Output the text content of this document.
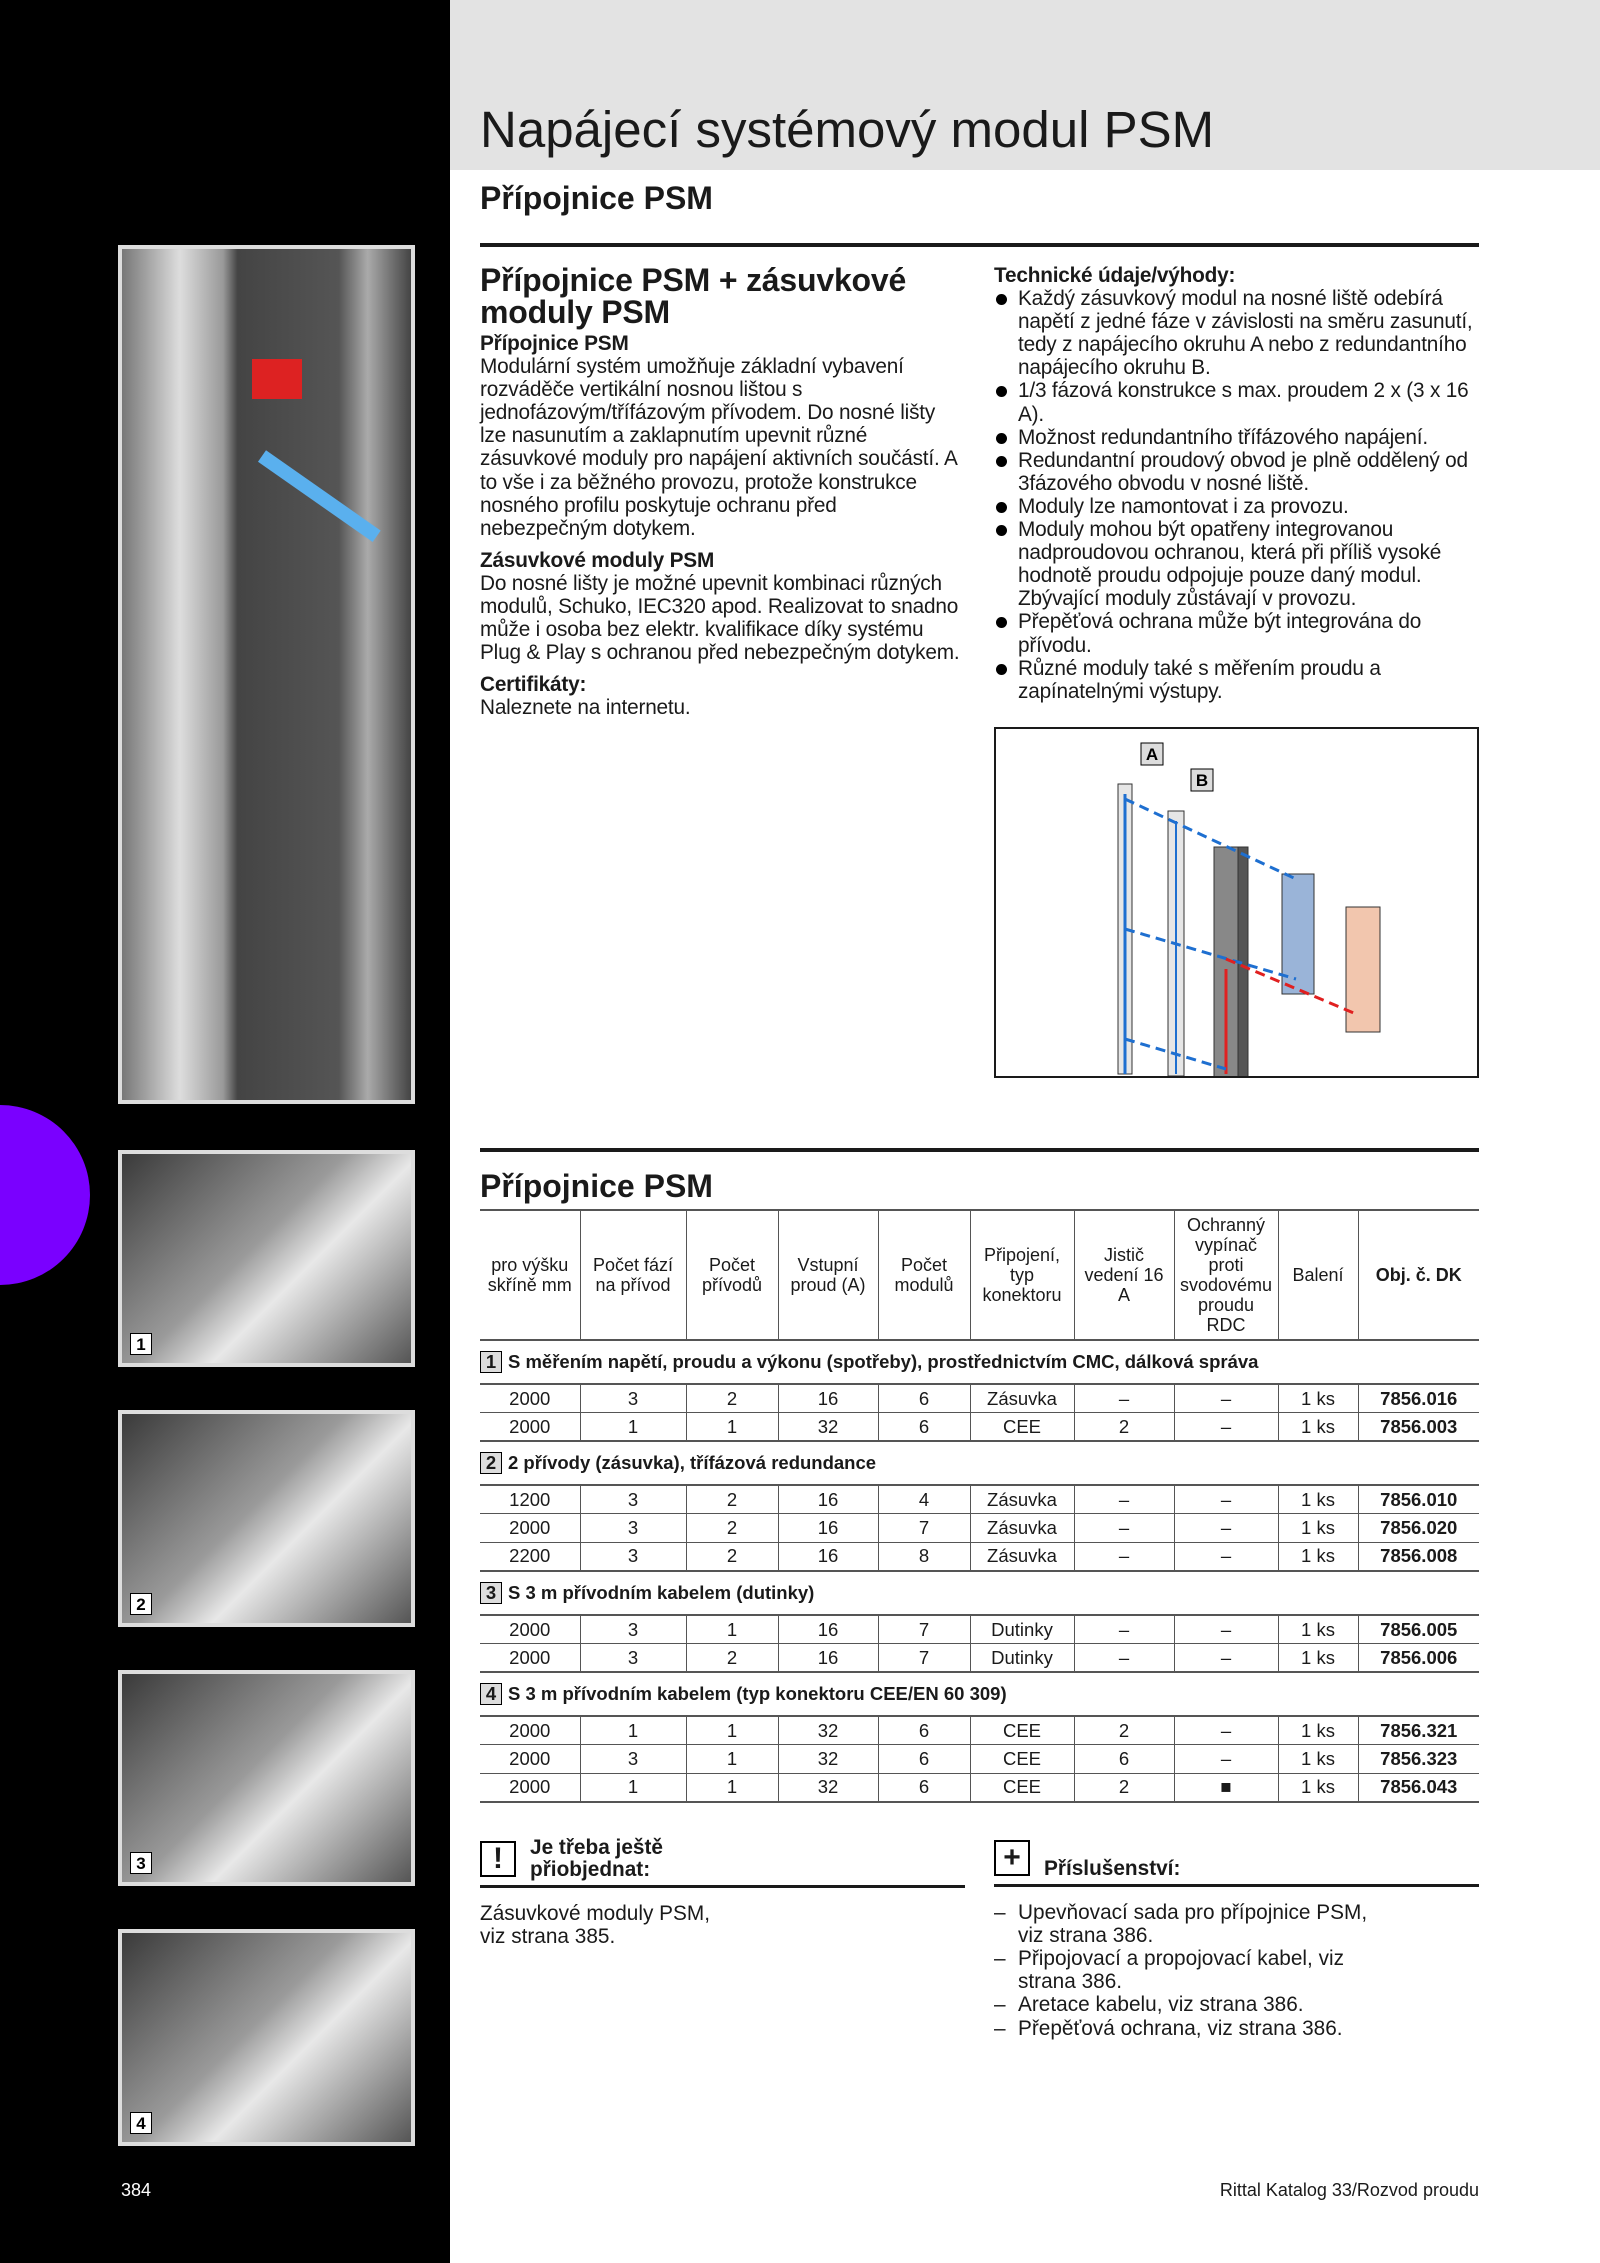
Napájecí systémový modul PSM
Přípojnice PSM
1
2
3
4
Přípojnice PSM + zásuvkové moduly PSM
Přípojnice PSM

Modulární systém umožňuje základní vybavení rozváděče vertikální nosnou lištou s jednofázovým/třífázovým přívodem. Do nosné lišty lze nasunutím a zaklapnutím upevnit různé zásuvkové moduly pro napájení aktivních součástí. A to vše i za běžného provozu, protože konstrukce nosného profilu poskytuje ochranu před nebezpečným dotykem.

Zásuvkové moduly PSM

Do nosné lišty je možné upevnit kombinaci různých modulů, Schuko, IEC320 apod. Realizovat to snadno může i osoba bez elektr. kvalifikace díky systému Plug & Play s ochranou před nebezpečným dotykem.

Certifikáty:

Naleznete na internetu.

Technické údaje/výhody:
Každý zásuvkový modul na nosné liště odebírá napětí z jedné fáze v závislosti na směru zasunutí, tedy z napájecího okruhu A nebo z redundantního napájecího okruhu B.
1/3 fázová konstrukce s max. proudem 2 x (3 x 16 A).
Možnost redundantního třífázového napájení.
Redundantní proudový obvod je plně oddělený od 3fázového obvodu v nosné liště.
Moduly lze namontovat i za provozu.
Moduly mohou být opatřeny integrovanou nadproudovou ochranou, která při příliš vysoké hodnotě proudu odpojuje pouze daný modul. Zbývající moduly zůstávají v provozu.
Přepěťová ochrana může být integrována do přívodu.
Různé moduly také s měřením proudu a zapínatelnými výstupy.
A
B
Přípojnice PSM
pro výšku skříně mm	Počet fází na přívod	Počet přívodů	Vstupní proud (A)	Počet modulů	Připojení, typ konektoru	Jistič vedení 16 A	Ochranný vypínač proti svodovému proudu RDC	Balení	Obj. č. DK
1 S měřením napětí, proudu a výkonu (spotřeby), prostřednictvím CMC, dálková správa									
2000	3	2	16	6	Zásuvka	–	–	1 ks	7856.016
2000	1	1	32	6	CEE	2	–	1 ks	7856.003
2 2 přívody (zásuvka), třífázová redundance									
1200	3	2	16	4	Zásuvka	–	–	1 ks	7856.010
2000	3	2	16	7	Zásuvka	–	–	1 ks	7856.020
2200	3	2	16	8	Zásuvka	–	–	1 ks	7856.008
3 S 3 m přívodním kabelem (dutinky)									
2000	3	1	16	7	Dutinky	–	–	1 ks	7856.005
2000	3	2	16	7	Dutinky	–	–	1 ks	7856.006
4 S 3 m přívodním kabelem (typ konektoru CEE/EN 60 309)									
2000	1	1	32	6	CEE	2	–	1 ks	7856.321
2000	3	1	32	6	CEE	6	–	1 ks	7856.323
2000	1	1	32	6	CEE	2	■	1 ks	7856.043
!	Je třeba ještě přiobjednat:
Zásuvkové moduly PSM, viz strana 385.
+	Příslušenství:
– Upevňovací sada pro přípojnice PSM, viz strana 386.
– Připojovací a propojovací kabel, viz strana 386.
– Aretace kabelu, viz strana 386.
– Přepěťová ochrana, viz strana 386.
384	Rittal Katalog 33/Rozvod proudu
